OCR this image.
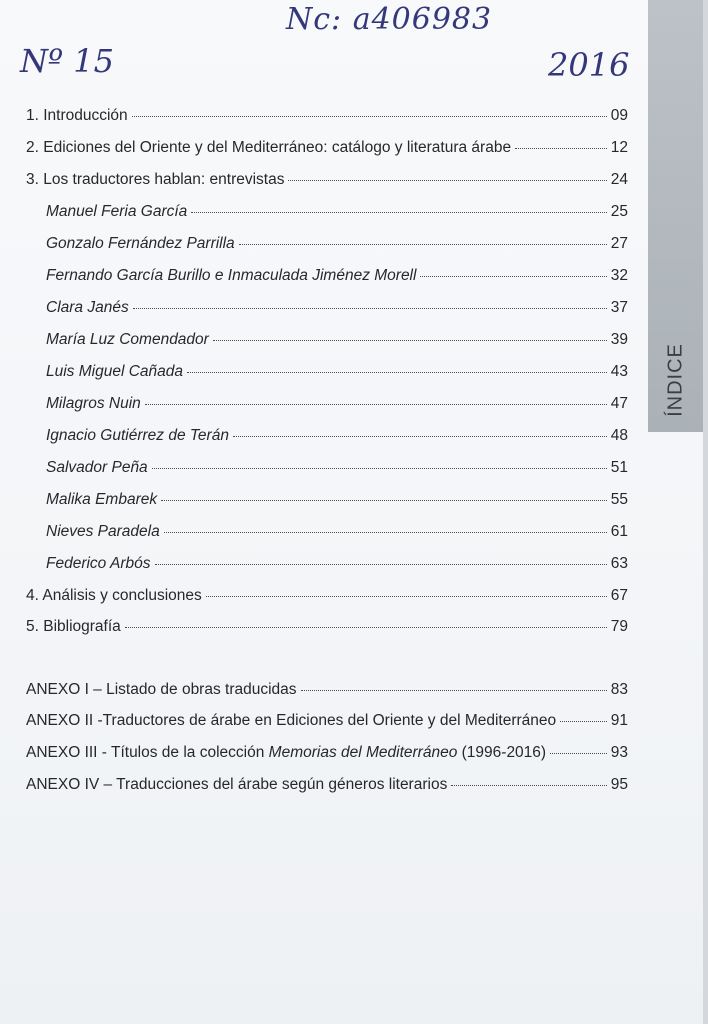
ÍNDICE
Nc: a406983
Nº 15	2016
1. Introducción	09
2. Ediciones del Oriente y del Mediterráneo: catálogo y literatura árabe	12
3. Los traductores hablan: entrevistas	24
Manuel Feria García	25
Gonzalo Fernández Parrilla	27
Fernando García Burillo e Inmaculada Jiménez Morell	32
Clara Janés	37
María Luz Comendador	39
Luis Miguel Cañada	43
Milagros Nuin	47
Ignacio Gutiérrez de Terán	48
Salvador Peña	51
Malika Embarek	55
Nieves Paradela	61
Federico Arbós	63
4. Análisis y conclusiones	67
5. Bibliografía	79
ANEXO I – Listado de obras traducidas	83
ANEXO II -Traductores de árabe en Ediciones del Oriente y del Mediterráneo	91
ANEXO III - Títulos de la colección Memorias del Mediterráneo (1996-2016)	93
ANEXO IV – Traducciones del árabe según géneros literarios	95
